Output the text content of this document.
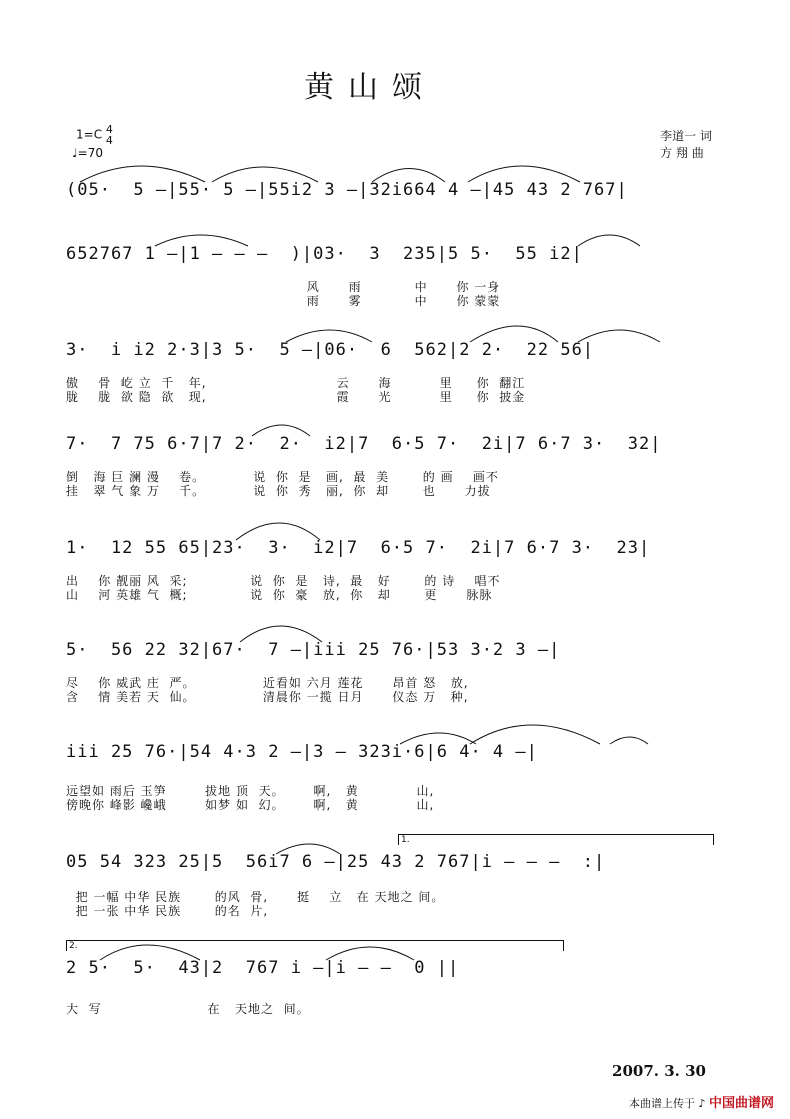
黄山颂
1=C 4
4
♩=70
李道一 词
方 翔 曲
(05·  5 –|55· 5 –|55i2 3 –|32i664 4 –|45 43 2 767|
652767 1 –|1 – – –  )|03·  3  235|5 5·  55 i2|
风      雨           中      你 一身
雨      雾           中      你 蒙蒙
3·  i i2 2·3|3 5·  5 –|06·  6  562|2 2·  22 56|
傲    骨  屹 立  千   年,                           云      海          里     你  翻江
胧    胧  欲 隐  欲   现,                           霞      光          里     你  披金
7·  7 75 6·7|7 2·  2·  i2|7  6·5 7·  2i|7 6·7 3·  32|
倒   海 巨 澜 漫    卷。          说  你  是   画,  最  美       的 画    画不
挂   翠 气 象 万    千。          说  你  秀   丽,  你  却       也      力拔
1·  12 55 65|23·  3·  i2|7  6·5 7·  2i|7 6·7 3·  23|
出    你 靓丽 风  采;             说  你  是   诗,  最   好       的 诗    唱不
山    河 英雄 气  概;             说  你  豪   放,  你   却       更      脉脉
5·  56 22 32|67·  7 –|iii 25 76·|53 3·2 3 –|
尽    你 威武 庄  严。              近看如 六月 莲花      昂首 怒   放,
含    情 美若 天  仙。              清晨你 一揽 日月      仪态 万   种,
iii 25 76·|54 4·3 2 –|3 – 323i·6|6 4· 4 –|
远望如 雨后 玉笋        拔地 顶  天。      啊,   黄            山,
傍晚你 峰影 巉峨        如梦 如  幻。      啊,   黄            山,
1.
05 54 323 25|5  56i7 6 –|25 43 2 767|i – – –  :|
把 一幅 中华 民族       的风  骨,      挺    立   在 天地之 间。
把 一张 中华 民族       的名  片,
2.
2 5·  5·  43|2  767 i –|i – –  0 ||
大  写                      在   天地之  间。
2007. 3. 30
本曲谱上传于 ♪ 中国曲谱网
